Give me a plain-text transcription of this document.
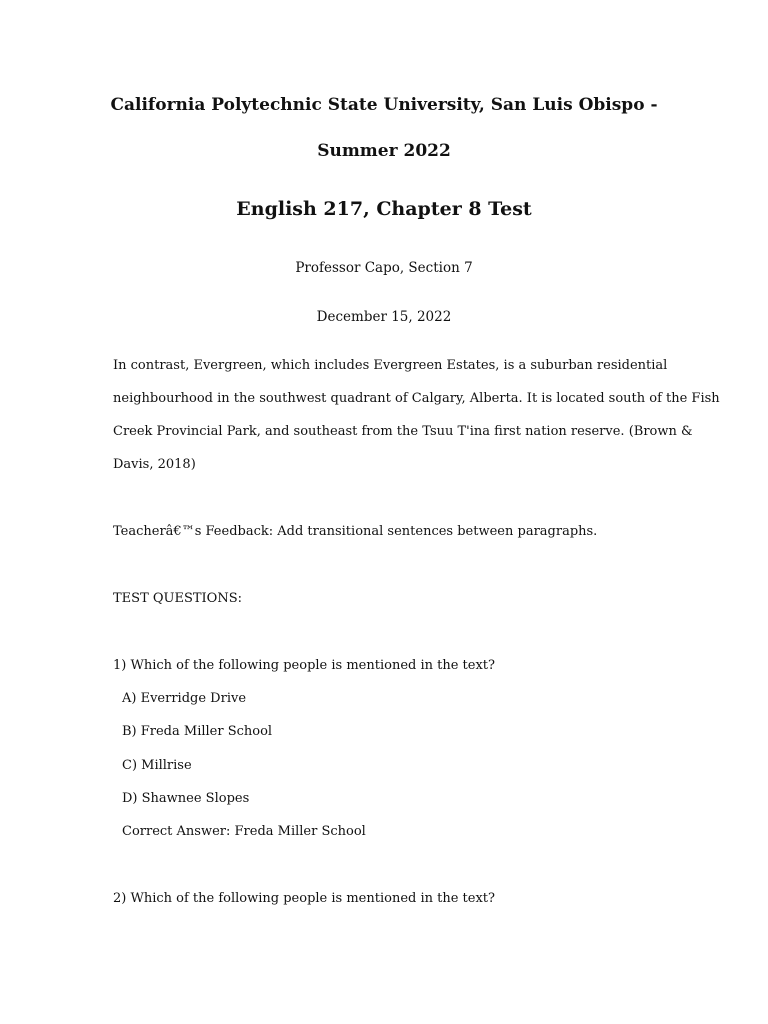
California Polytechnic State University, San Luis Obispo -
Summer 2022
English 217, Chapter 8 Test
Professor Capo, Section 7
December 15, 2022
In contrast, Evergreen, which includes Evergreen Estates, is a suburban residential
neighbourhood in the southwest quadrant of Calgary, Alberta. It is located south of the Fish
Creek Provincial Park, and southeast from the Tsuu T'ina first nation reserve. (Brown &
Davis, 2018)
Teacherâ€™s Feedback: Add transitional sentences between paragraphs.
TEST QUESTIONS:
1) Which of the following people is mentioned in the text?
A) Everridge Drive
B) Freda Miller School
C) Millrise
D) Shawnee Slopes
Correct Answer: Freda Miller School
2) Which of the following people is mentioned in the text?
